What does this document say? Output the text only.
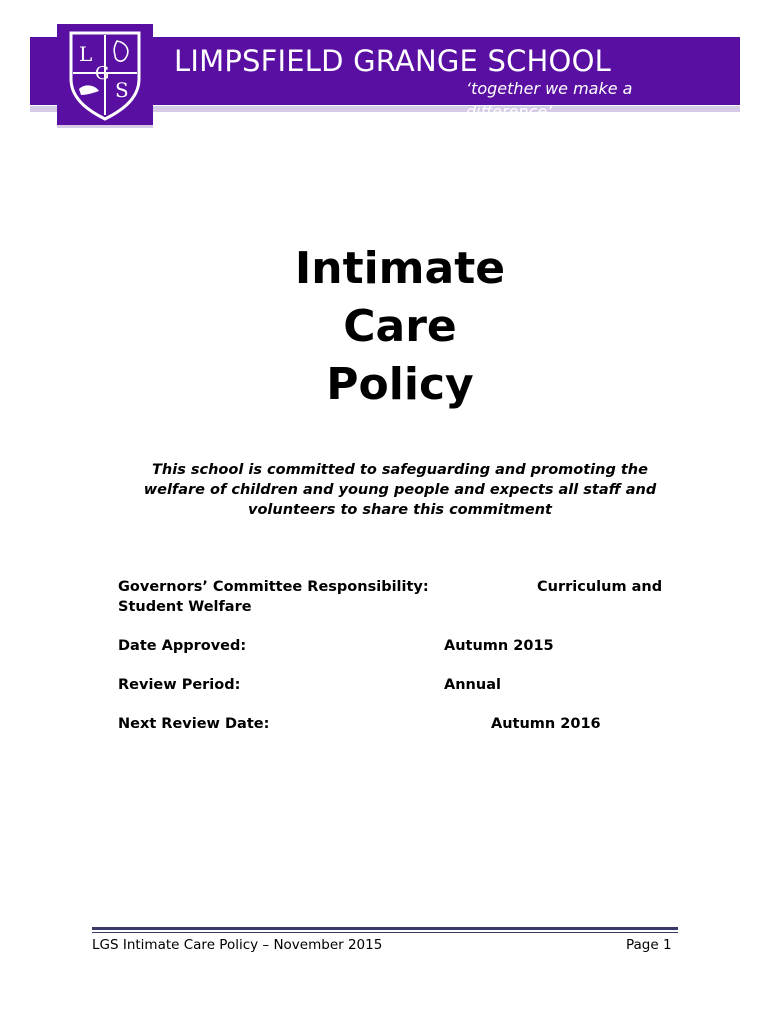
L
G
S
LIMPSFIELD GRANGE SCHOOL
‘together we make a
difference’
Intimate
Care
Policy
This school is committed to safeguarding and promoting the
welfare of children and young people and expects all staff and
volunteers to share this commitment
Governors’ Committee Responsibility:	Curriculum and
Student Welfare
Date Approved:	Autumn 2015
Review Period:	Annual
Next Review Date:	Autumn 2016
LGS Intimate Care Policy – November 2015	Page 1
